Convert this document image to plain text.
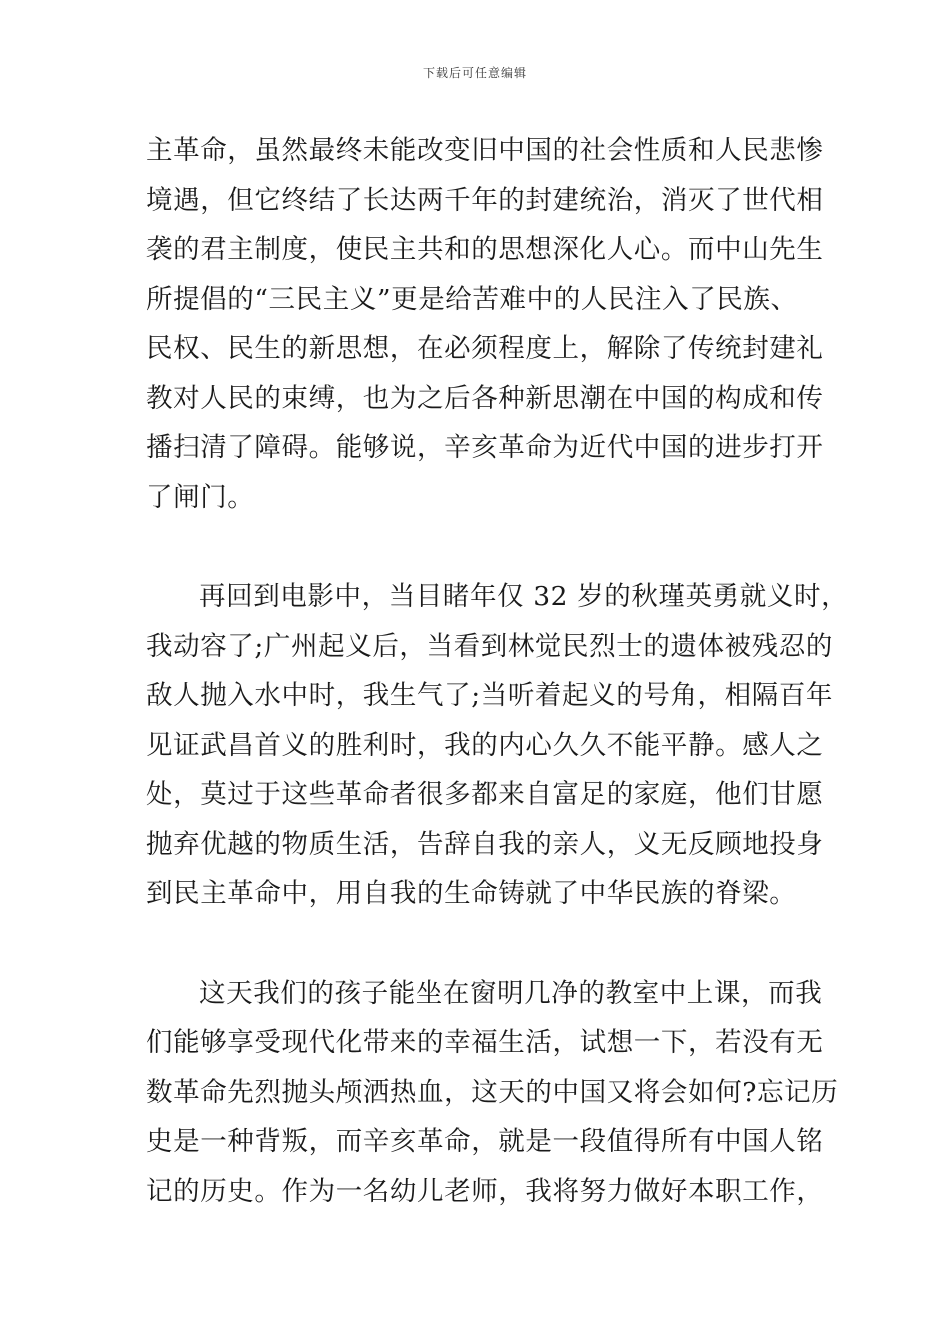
下载后可任意编辑
主革命，虽然最终未能改变旧中国的社会性质和人民悲惨
境遇，但它终结了长达两千年的封建统治，消灭了世代相
袭的君主制度，使民主共和的思想深化人心。而中山先生
所提倡的“三民主义”更是给苦难中的人民注入了民族、
民权、民生的新思想，在必须程度上，解除了传统封建礼
教对人民的束缚，也为之后各种新思潮在中国的构成和传
播扫清了障碍。能够说，辛亥革命为近代中国的进步打开
了闸门。
再回到电影中，当目睹年仅 32 岁的秋瑾英勇就义时，
我动容了;广州起义后，当看到林觉民烈士的遗体被残忍的
敌人抛入水中时，我生气了;当听着起义的号角，相隔百年
见证武昌首义的胜利时，我的内心久久不能平静。感人之
处，莫过于这些革命者很多都来自富足的家庭，他们甘愿
抛弃优越的物质生活，告辞自我的亲人，义无反顾地投身
到民主革命中，用自我的生命铸就了中华民族的脊梁。
这天我们的孩子能坐在窗明几净的教室中上课，而我
们能够享受现代化带来的幸福生活，试想一下，若没有无
数革命先烈抛头颅洒热血，这天的中国又将会如何?忘记历
史是一种背叛，而辛亥革命，就是一段值得所有中国人铭
记的历史。作为一名幼儿老师，我将努力做好本职工作，
